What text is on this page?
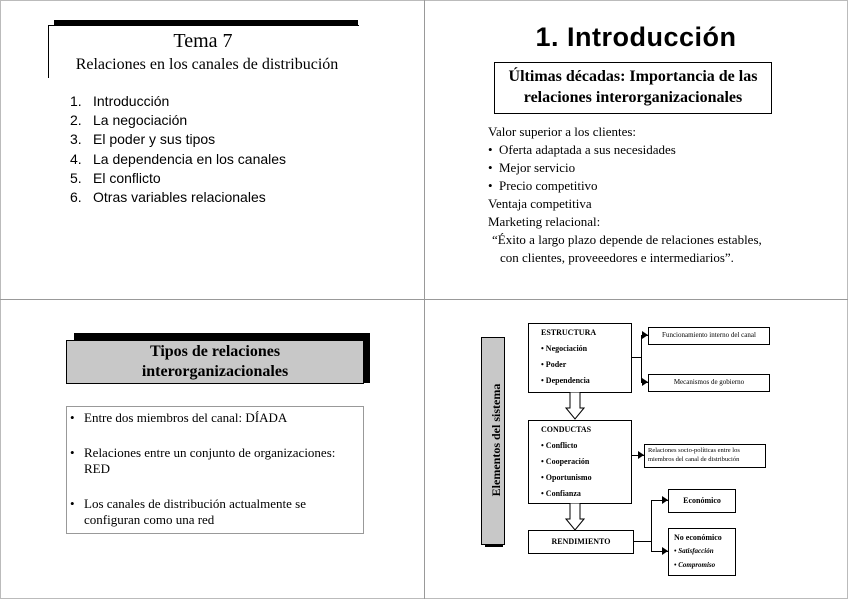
Tema 7
Relaciones en los canales de distribución
1. Introducción
2. La negociación
3. El poder y sus tipos
4. La dependencia en los canales
5. El conflicto
6. Otras variables relacionales
1. Introducción
Últimas décadas: Importancia de las
relaciones interorganizacionales
Valor superior a los clientes:
• Oferta adaptada a sus necesidades
• Mejor servicio
• Precio competitivo
Ventaja competitiva
Marketing relacional:
“Éxito a largo plazo depende de relaciones estables,
con clientes, proveeedores e intermediarios”.
Tipos de relaciones
interorganizacionales
• Entre dos miembros del canal: DÍADA
• Relaciones entre un conjunto de organizaciones:
RED
• Los canales de distribución actualmente se
configuran como una red
Elementos del sistema
ESTRUCTURA
• Negociación
• Poder
• Dependencia
CONDUCTAS
• Conflicto
• Cooperación
• Oportunismo
• Confianza
RENDIMIENTO
Funcionamiento interno del canal
Mecanismos de gobierno
Relaciones socio-políticas entre los
miembros del canal de distribución
Económico
No económico
• Satisfacción
• Compromiso
